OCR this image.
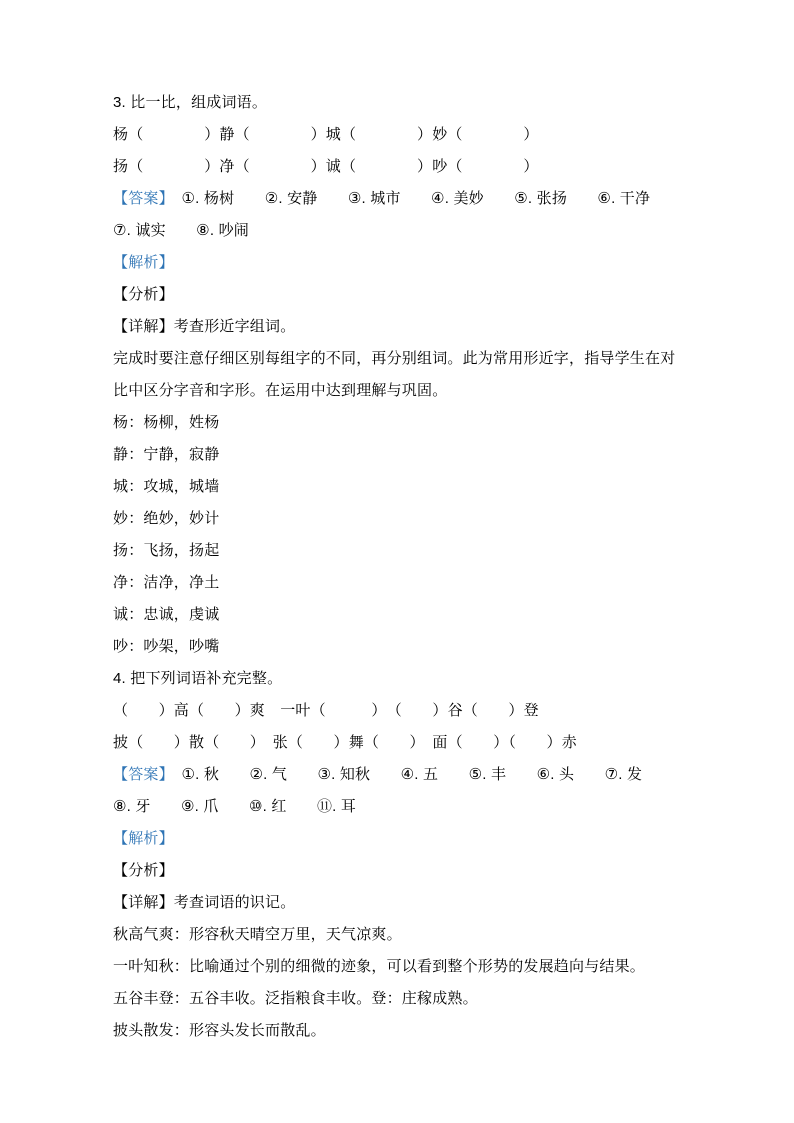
3. 比一比，组成词语。

杨（　　　　）静（　　　　）城（　　　　）妙（　　　　）

扬（　　　　）净（　　　　）诚（　　　　）吵（　　　　）

【答案】　①. 杨树　　②. 安静　　③. 城市　　④. 美妙　　⑤. 张扬　　⑥. 干净　　⑦. 诚实　　⑧. 吵闹

【解析】

【分析】

【详解】考查形近字组词。

完成时要注意仔细区别每组字的不同，再分别组词。此为常用形近字，指导学生在对比中区分字音和字形。在运用中达到理解与巩固。

杨：杨柳，姓杨

静：宁静，寂静

城：攻城，城墙

妙：绝妙，妙计

扬：飞扬，扬起

净：洁净，净土

诚：忠诚，虔诚

吵：吵架，吵嘴

4. 把下列词语补充完整。

（　　）高（　　）爽　一叶（　　　）　（　　）谷（　　）登

披（　　）散（　　）　张（　　）舞（　　）　面（　　）（　　）赤

【答案】　①. 秋　　②. 气　　③. 知秋　　④. 五　　⑤. 丰　　⑥. 头　　⑦. 发　　⑧. 牙　　⑨. 爪　　⑩. 红　　⑪. 耳

【解析】

【分析】

【详解】考查词语的识记。

秋高气爽：形容秋天晴空万里，天气凉爽。

一叶知秋：比喻通过个别的细微的迹象，可以看到整个形势的发展趋向与结果。

五谷丰登：五谷丰收。泛指粮食丰收。登：庄稼成熟。

披头散发：形容头发长而散乱。
